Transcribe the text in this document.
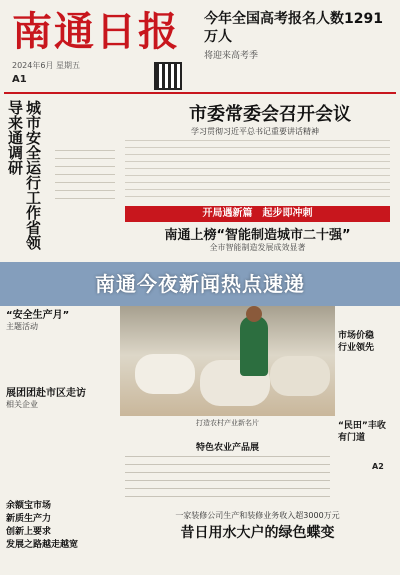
南通日报 今年全国高考报名人数1291万人
将迎来高考季
2024年6月 星期五
A1
城市安全运行工作省领导来通调研	市委常委会召开会议
学习贯彻习近平总书记重要讲话精神
开局遇新篇　起步即冲刺
南通上榜“智能制造城市二十强”
全市智能制造发展成效显著
“安全生产月”
主题活动
展团团赴市区走访
相关企业
余额宝市场
新质生产力
创新上要求
发展之路越走越宽
打造农村产业新名片
市场价稳
行业领先
“民田”丰收
有门道
A2
特色农业产品展
一家装修公司生产和装修业务收入超3000万元
昔日用水大户的绿色蝶变
南通今夜新闻热点速递
